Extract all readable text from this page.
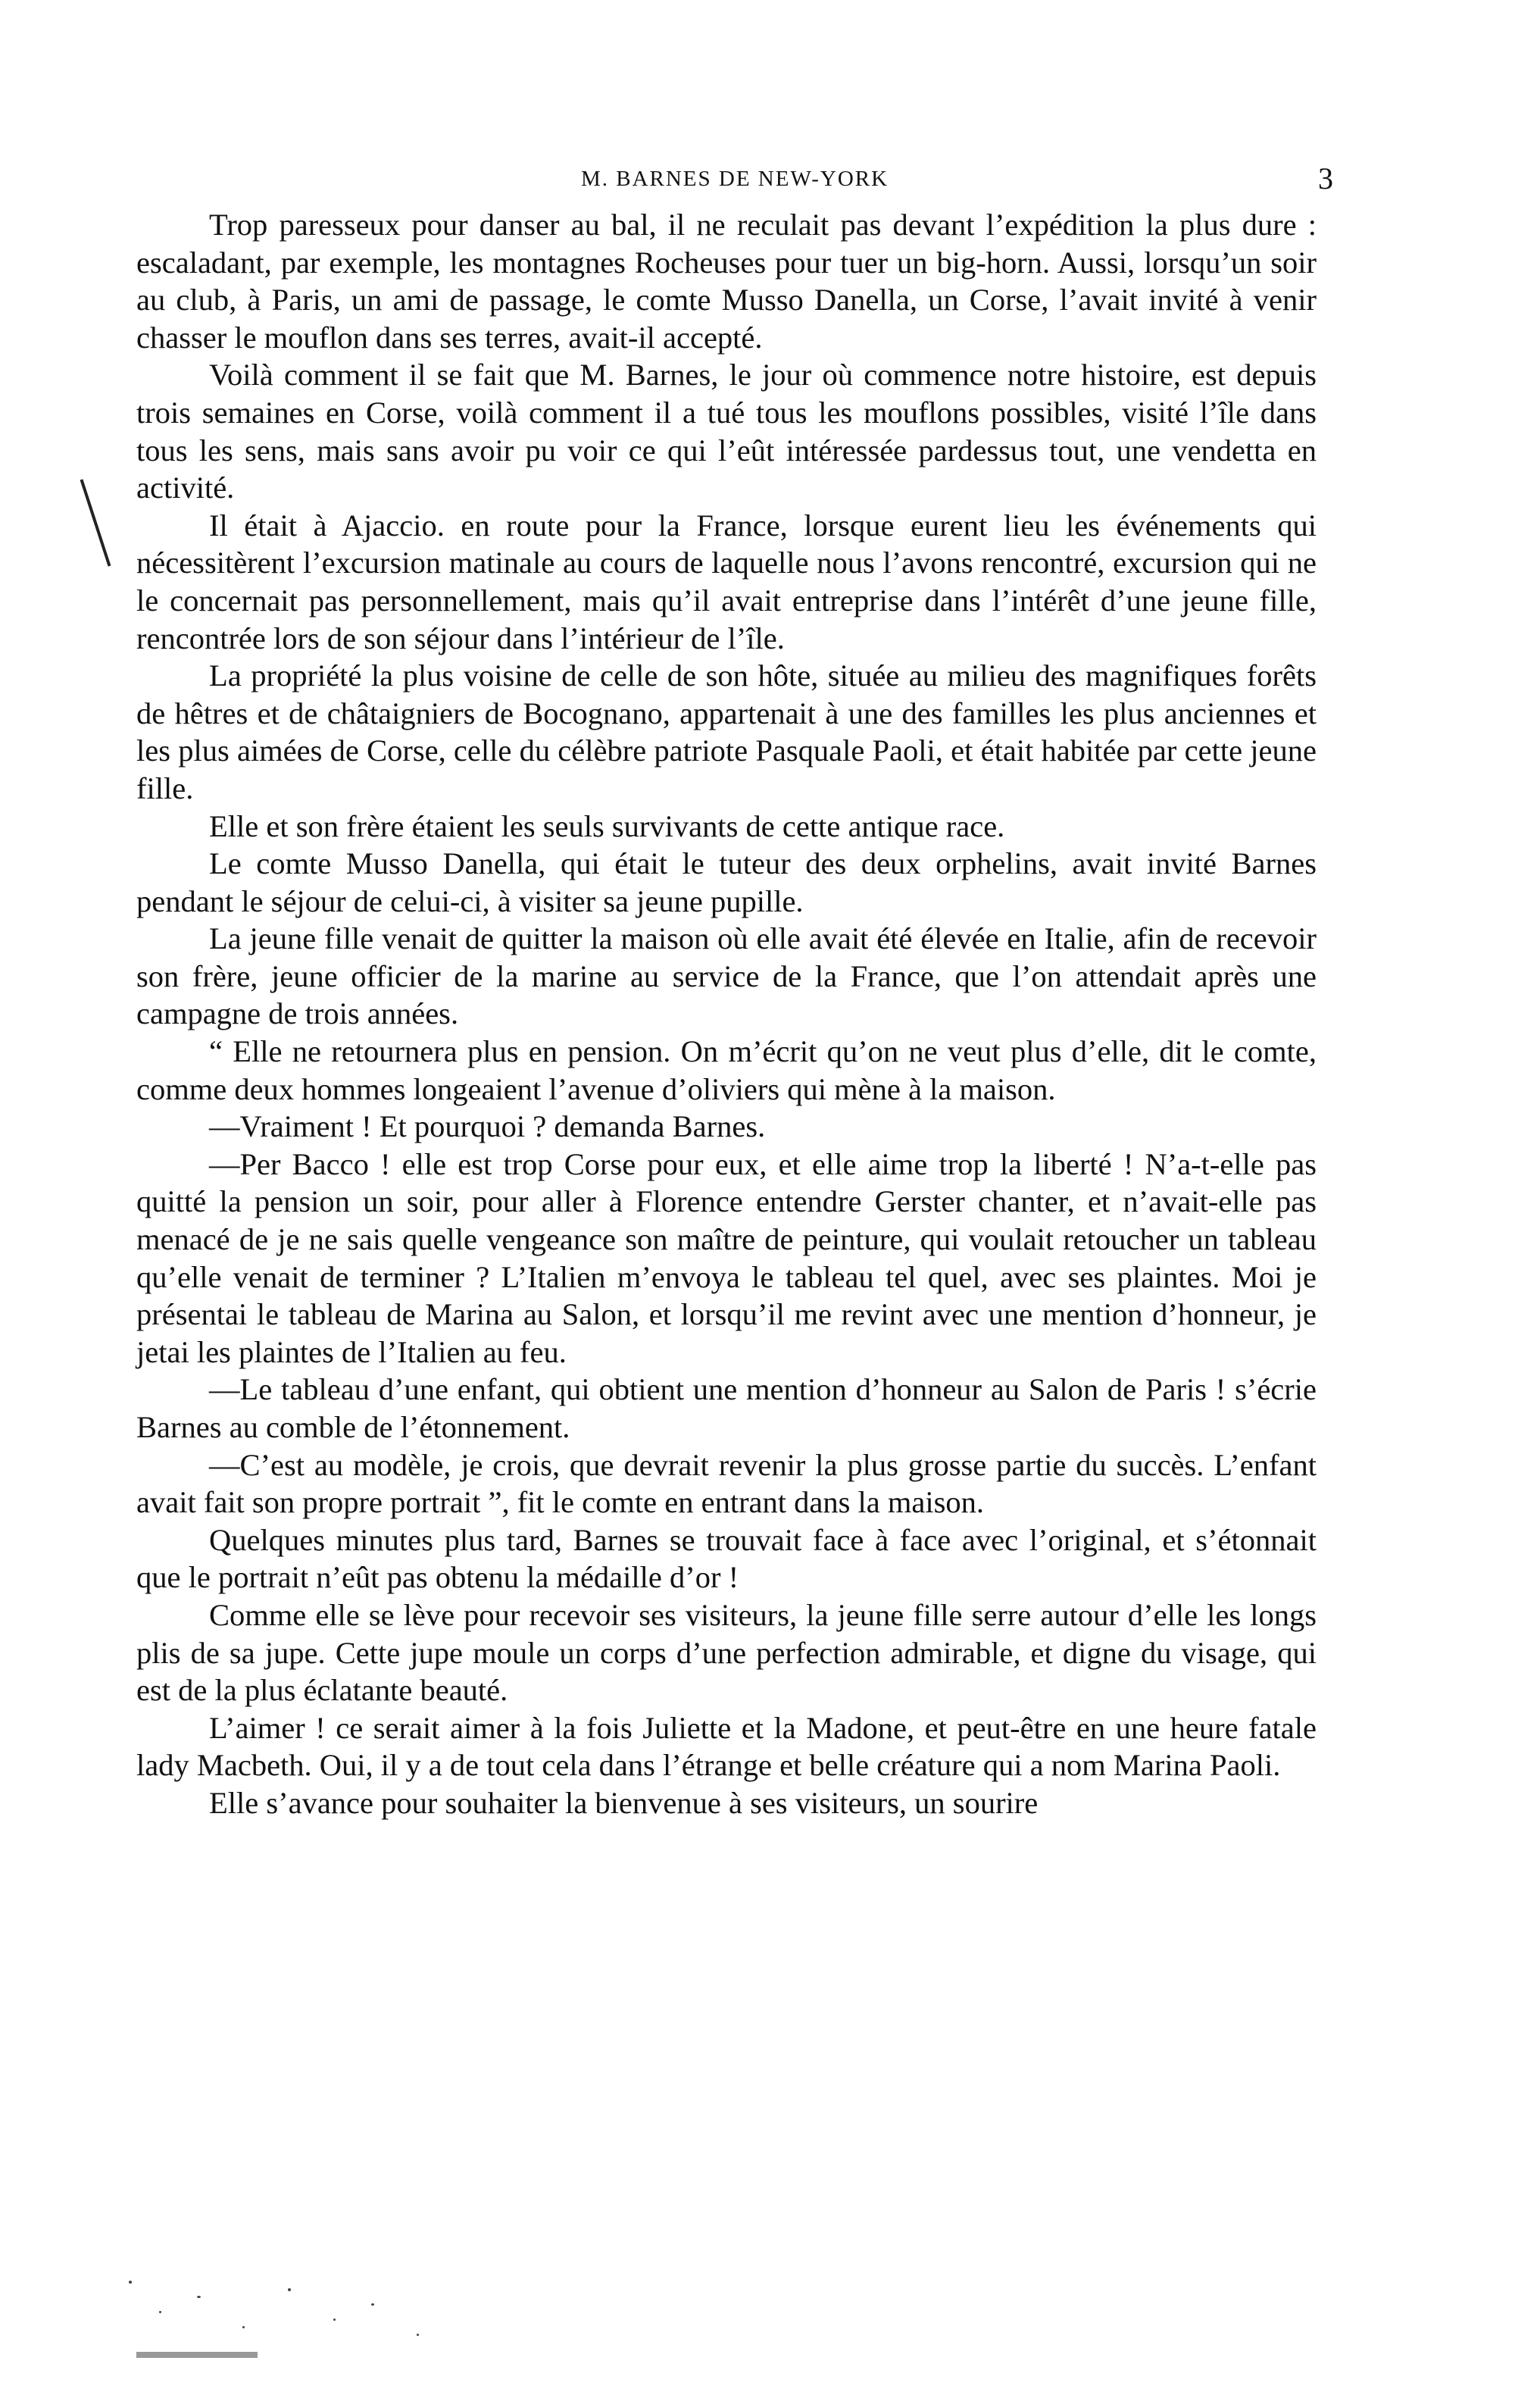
M. BARNES DE NEW-YORK	3

Trop paresseux pour danser au bal, il ne reculait pas devant l’expédition la plus dure : escaladant, par exemple, les montagnes Rocheuses pour tuer un big-horn. Aussi, lorsqu’un soir au club, à Paris, un ami de passage, le comte Musso Danella, un Corse, l’avait invité à venir chasser le mouflon dans ses terres, avait-il accepté.

Voilà comment il se fait que M. Barnes, le jour où commence notre histoire, est depuis trois semaines en Corse, voilà comment il a tué tous les mouflons possibles, visité l’île dans tous les sens, mais sans avoir pu voir ce qui l’eût intéressée pardessus tout, une vendetta en activité.

Il était à Ajaccio. en route pour la France, lorsque eurent lieu les événements qui nécessitèrent l’excursion matinale au cours de laquelle nous l’avons rencontré, excursion qui ne le concernait pas personnellement, mais qu’il avait entreprise dans l’intérêt d’une jeune fille, rencontrée lors de son séjour dans l’intérieur de l’île.

La propriété la plus voisine de celle de son hôte, située au milieu des magnifiques forêts de hêtres et de châtaigniers de Bocognano, appartenait à une des familles les plus anciennes et les plus aimées de Corse, celle du célèbre patriote Pasquale Paoli, et était habitée par cette jeune fille.

Elle et son frère étaient les seuls survivants de cette antique race.

Le comte Musso Danella, qui était le tuteur des deux orphelins, avait invité Barnes pendant le séjour de celui-ci, à visiter sa jeune pupille.

La jeune fille venait de quitter la maison où elle avait été élevée en Italie, afin de recevoir son frère, jeune officier de la marine au service de la France, que l’on attendait après une campagne de trois années.

“ Elle ne retournera plus en pension. On m’écrit qu’on ne veut plus d’elle, dit le comte, comme deux hommes longeaient l’avenue d’oliviers qui mène à la maison.

—Vraiment ! Et pourquoi ? demanda Barnes.

—Per Bacco ! elle est trop Corse pour eux, et elle aime trop la liberté ! N’a-t-elle pas quitté la pension un soir, pour aller à Florence entendre Gerster chanter, et n’avait-elle pas menacé de je ne sais quelle vengeance son maître de peinture, qui voulait retoucher un tableau qu’elle venait de terminer ? L’Italien m’envoya le tableau tel quel, avec ses plaintes. Moi je présentai le tableau de Marina au Salon, et lorsqu’il me revint avec une mention d’honneur, je jetai les plaintes de l’Italien au feu.

—Le tableau d’une enfant, qui obtient une mention d’honneur au Salon de Paris ! s’écrie Barnes au comble de l’étonnement.

—C’est au modèle, je crois, que devrait revenir la plus grosse partie du succès. L’enfant avait fait son propre portrait ”, fit le comte en entrant dans la maison.

Quelques minutes plus tard, Barnes se trouvait face à face avec l’original, et s’étonnait que le portrait n’eût pas obtenu la médaille d’or !

Comme elle se lève pour recevoir ses visiteurs, la jeune fille serre autour d’elle les longs plis de sa jupe. Cette jupe moule un corps d’une perfection admirable, et digne du visage, qui est de la plus éclatante beauté.

L’aimer ! ce serait aimer à la fois Juliette et la Madone, et peut-être en une heure fatale lady Macbeth. Oui, il y a de tout cela dans l’étrange et belle créature qui a nom Marina Paoli.

Elle s’avance pour souhaiter la bienvenue à ses visiteurs, un sourire
